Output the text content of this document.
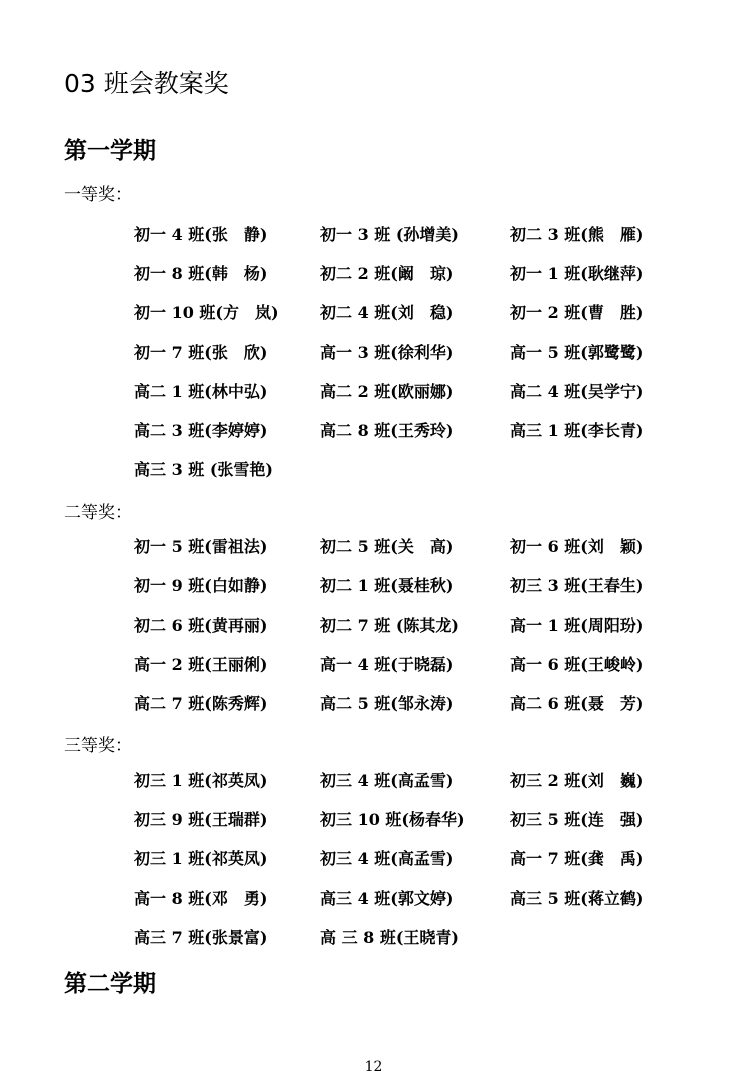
03 班会教案奖
第一学期
一等奖：
初一 4 班(张　静)	初一 3 班 (孙增美)	初二 3 班(熊　雁)
初一 8 班(韩　杨)	初二 2 班(阚　琼)	初一 1 班(耿继萍)
初一 10 班(方　岚)	初二 4 班(刘　稳)	初一 2 班(曹　胜)
初一 7 班(张　欣)	高一 3 班(徐利华)	高一 5 班(郭鹭鹭)
高二 1 班(林中弘)	高二 2 班(欧丽娜)	高二 4 班(吴学宁)
高二 3 班(李婷婷)	高二 8 班(王秀玲)	高三 1 班(李长青)
高三 3 班 (张雪艳)
二等奖：
初一 5 班(雷祖法)	初二 5 班(关　高)	初一 6 班(刘　颖)
初一 9 班(白如静)	初二 1 班(聂桂秋)	初三 3 班(王春生)
初二 6 班(黄再丽)	初二 7 班 (陈其龙)	高一 1 班(周阳玢)
高一 2 班(王丽俐)	高一 4 班(于晓磊)	高一 6 班(王峻岭)
高二 7 班(陈秀辉)	高二 5 班(邹永涛)	高二 6 班(聂　芳)
三等奖：
初三 1 班(祁英凤)	初三 4 班(高孟雪)	初三 2 班(刘　巍)
初三 9 班(王瑞群)	初三 10 班(杨春华)	初三 5 班(连　强)
初三 1 班(祁英凤)	初三 4 班(高孟雪)	高一 7 班(龚　禹)
高一 8 班(邓　勇)	高三 4 班(郭文婷)	高三 5 班(蒋立鹤)
高三 7 班(张景富)	高 三 8 班(王晓青)
第二学期
12
